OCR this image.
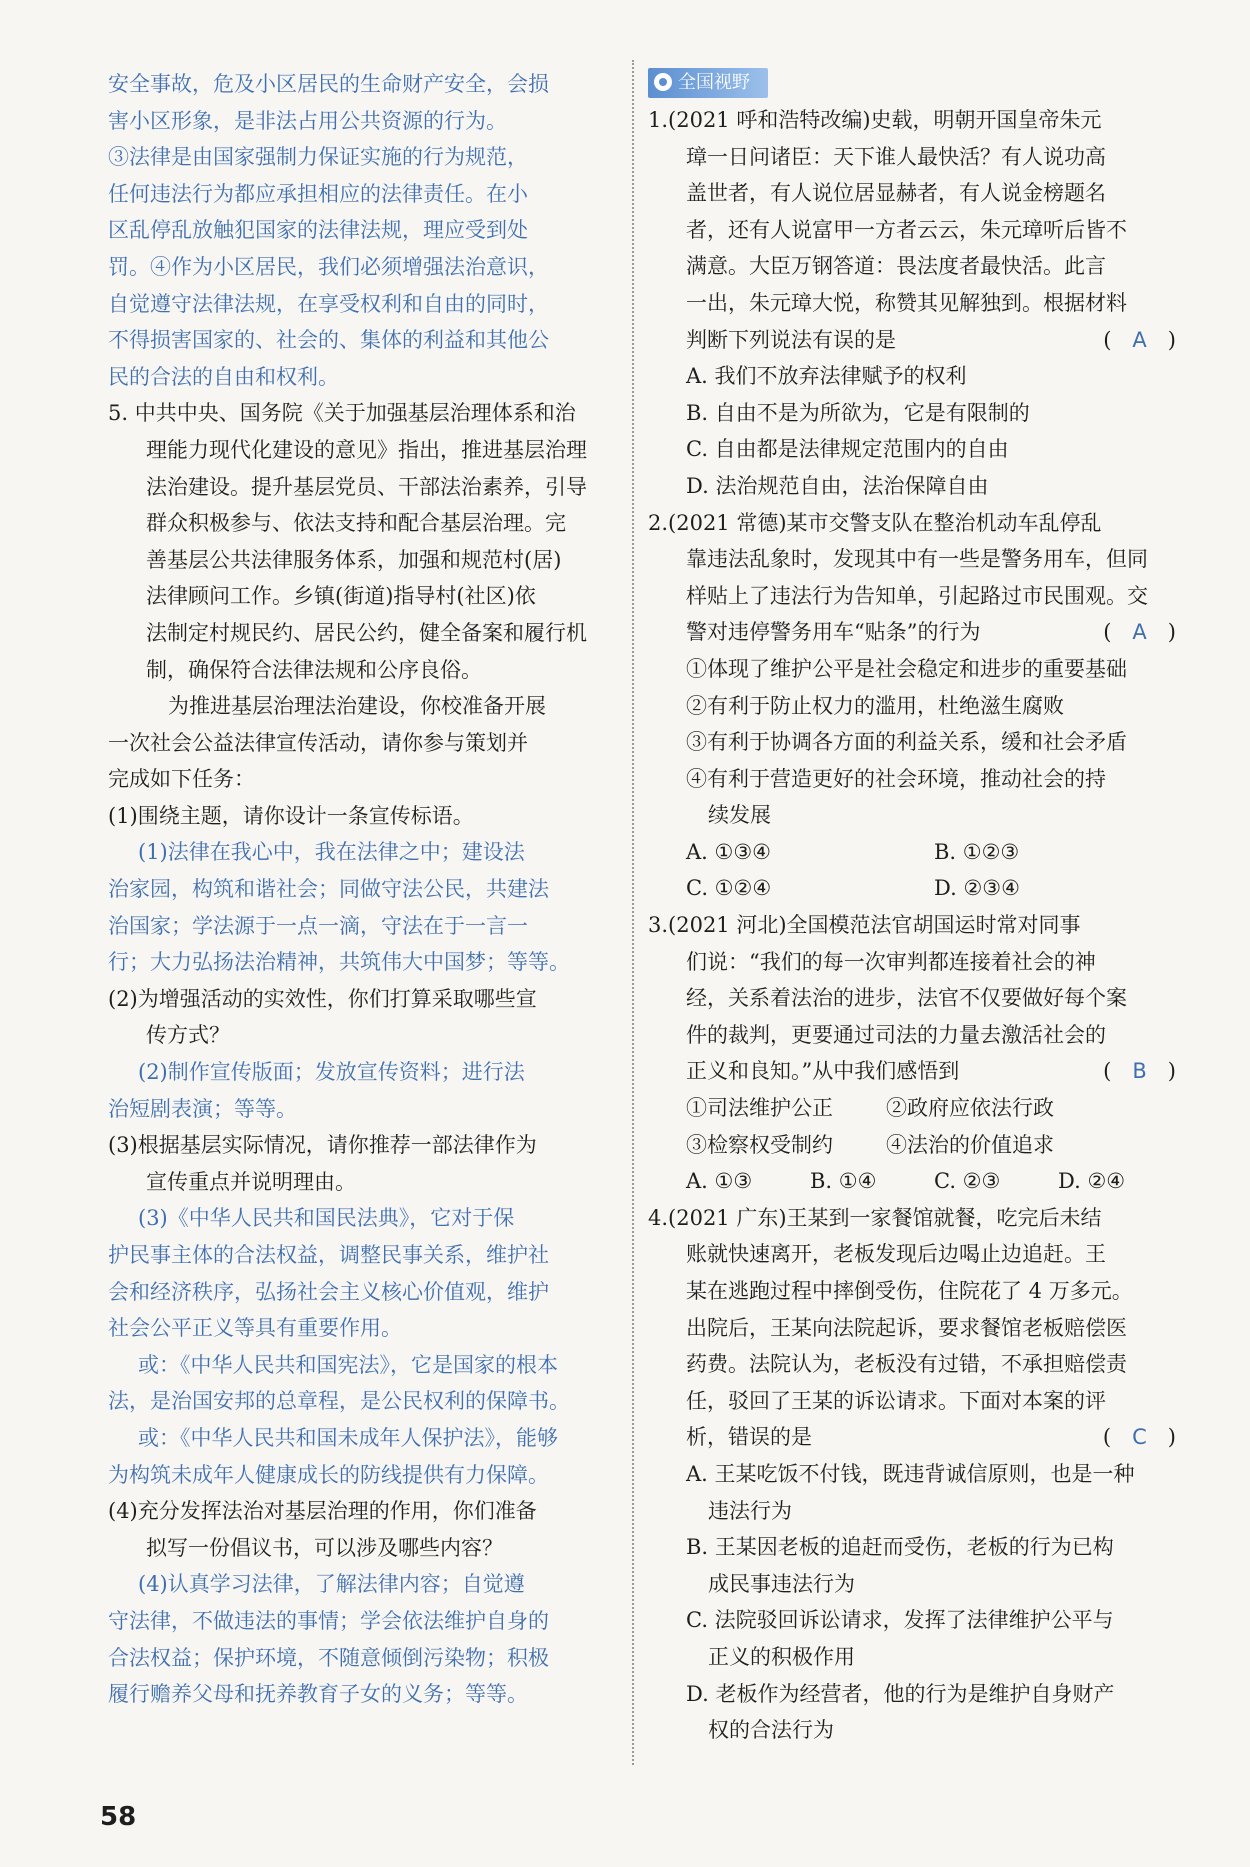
安全事故，危及小区居民的生命财产安全，会损
害小区形象，是非法占用公共资源的行为。
③法律是由国家强制力保证实施的行为规范，
任何违法行为都应承担相应的法律责任。在小
区乱停乱放触犯国家的法律法规，理应受到处
罚。④作为小区居民，我们必须增强法治意识，
自觉遵守法律法规，在享受权利和自由的同时，
不得损害国家的、社会的、集体的利益和其他公
民的合法的自由和权利。
5. 中共中央、国务院《关于加强基层治理体系和治
理能力现代化建设的意见》指出，推进基层治理
法治建设。提升基层党员、干部法治素养，引导
群众积极参与、依法支持和配合基层治理。完
善基层公共法律服务体系，加强和规范村(居)
法律顾问工作。乡镇(街道)指导村(社区)依
法制定村规民约、居民公约，健全备案和履行机
制，确保符合法律法规和公序良俗。
为推进基层治理法治建设，你校准备开展
一次社会公益法律宣传活动，请你参与策划并
完成如下任务：
(1)围绕主题，请你设计一条宣传标语。
(1)法律在我心中，我在法律之中；建设法
治家园，构筑和谐社会；同做守法公民，共建法
治国家；学法源于一点一滴，守法在于一言一
行；大力弘扬法治精神，共筑伟大中国梦；等等。
(2)为增强活动的实效性，你们打算采取哪些宣
传方式？
(2)制作宣传版面；发放宣传资料；进行法
治短剧表演；等等。
(3)根据基层实际情况，请你推荐一部法律作为
宣传重点并说明理由。
(3)《中华人民共和国民法典》，它对于保
护民事主体的合法权益，调整民事关系，维护社
会和经济秩序，弘扬社会主义核心价值观，维护
社会公平正义等具有重要作用。
或：《中华人民共和国宪法》，它是国家的根本
法，是治国安邦的总章程，是公民权利的保障书。
或：《中华人民共和国未成年人保护法》，能够
为构筑未成年人健康成长的防线提供有力保障。
(4)充分发挥法治对基层治理的作用，你们准备
拟写一份倡议书，可以涉及哪些内容？
(4)认真学习法律，了解法律内容；自觉遵
守法律，不做违法的事情；学会依法维护自身的
合法权益；保护环境，不随意倾倒污染物；积极
履行赡养父母和抚养教育子女的义务；等等。
全国视野
1.(2021 呼和浩特改编)史载，明朝开国皇帝朱元
璋一日问诸臣：天下谁人最快活？有人说功高
盖世者，有人说位居显赫者，有人说金榜题名
者，还有人说富甲一方者云云，朱元璋听后皆不
满意。大臣万钢答道：畏法度者最快活。此言
一出，朱元璋大悦，称赞其见解独到。根据材料
判断下列说法有误的是	( A )
A. 我们不放弃法律赋予的权利
B. 自由不是为所欲为，它是有限制的
C. 自由都是法律规定范围内的自由
D. 法治规范自由，法治保障自由
2.(2021 常德)某市交警支队在整治机动车乱停乱
靠违法乱象时，发现其中有一些是警务用车，但同
样贴上了违法行为告知单，引起路过市民围观。交
警对违停警务用车“贴条”的行为	( A )
①体现了维护公平是社会稳定和进步的重要基础
②有利于防止权力的滥用，杜绝滋生腐败
③有利于协调各方面的利益关系，缓和社会矛盾
④有利于营造更好的社会环境，推动社会的持
续发展
A. ①③④	B. ①②③
C. ①②④	D. ②③④
3.(2021 河北)全国模范法官胡国运时常对同事
们说：“我们的每一次审判都连接着社会的神
经，关系着法治的进步，法官不仅要做好每个案
件的裁判，更要通过司法的力量去激活社会的
正义和良知。”从中我们感悟到	( B )
①司法维护公正	②政府应依法行政
③检察权受制约	④法治的价值追求
A. ①③	B. ①④	C. ②③	D. ②④
4.(2021 广东)王某到一家餐馆就餐，吃完后未结
账就快速离开，老板发现后边喝止边追赶。王
某在逃跑过程中摔倒受伤，住院花了 4 万多元。
出院后，王某向法院起诉，要求餐馆老板赔偿医
药费。法院认为，老板没有过错，不承担赔偿责
任，驳回了王某的诉讼请求。下面对本案的评
析，错误的是	( C )
A. 王某吃饭不付钱，既违背诚信原则，也是一种
违法行为
B. 王某因老板的追赶而受伤，老板的行为已构
成民事违法行为
C. 法院驳回诉讼请求，发挥了法律维护公平与
正义的积极作用
D. 老板作为经营者，他的行为是维护自身财产
权的合法行为
58
